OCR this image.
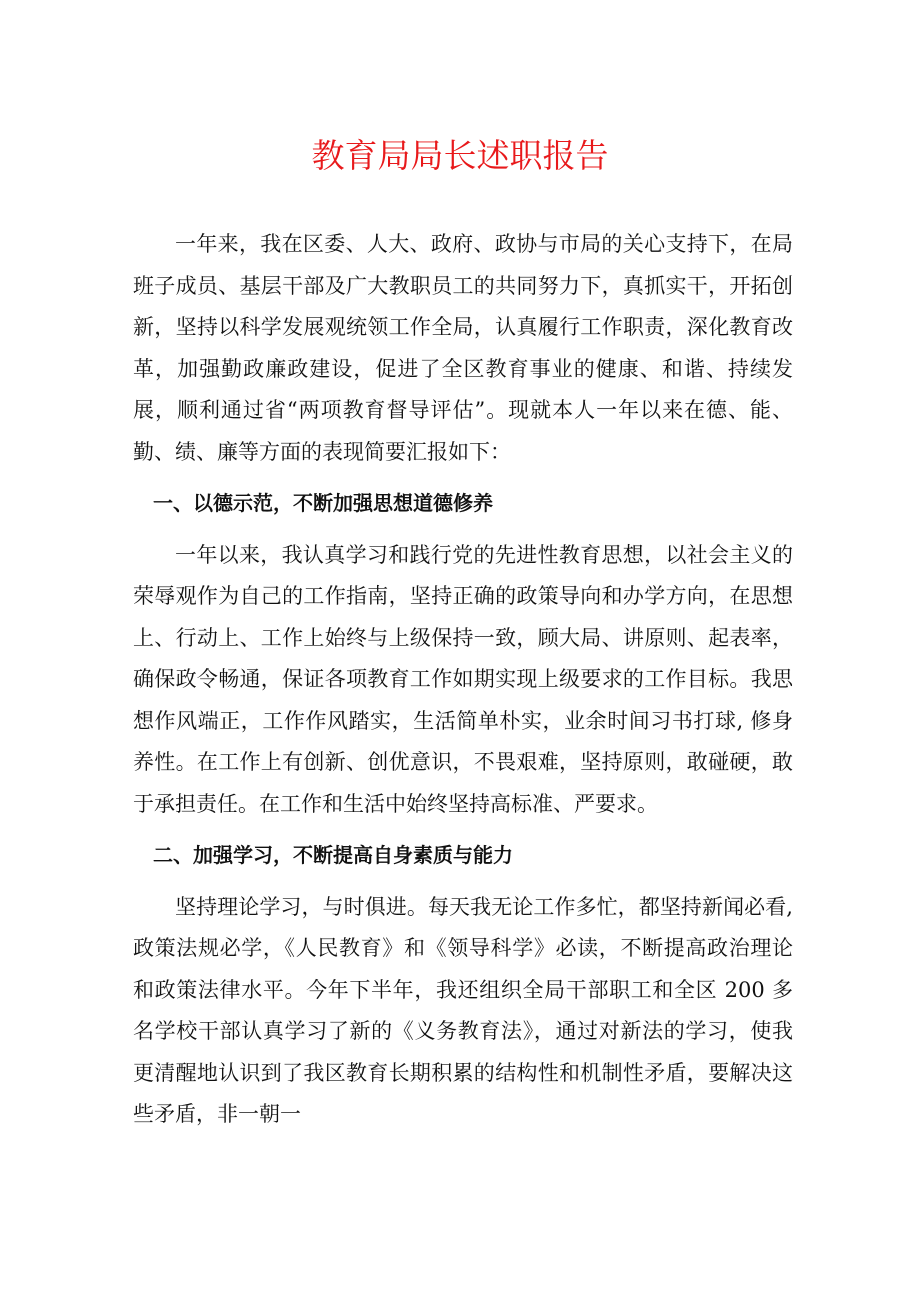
教育局局长述职报告

一年来，我在区委、人大、政府、政协与市局的关心支持下，在局班子成员、基层干部及广大教职员工的共同努力下，真抓实干，开拓创新，坚持以科学发展观统领工作全局，认真履行工作职责，深化教育改革，加强勤政廉政建设，促进了全区教育事业的健康、和谐、持续发展，顺利通过省“两项教育督导评估”。现就本人一年以来在德、能、勤、绩、廉等方面的表现简要汇报如下：

一、以德示范，不断加强思想道德修养

一年以来，我认真学习和践行党的先进性教育思想，以社会主义的荣辱观作为自己的工作指南，坚持正确的政策导向和办学方向，在思想上、行动上、工作上始终与上级保持一致，顾大局、讲原则、起表率，确保政令畅通，保证各项教育工作如期实现上级要求的工作目标。我思想作风端正，工作作风踏实，生活简单朴实，业余时间习书打球, 修身养性。在工作上有创新、创优意识，不畏艰难，坚持原则，敢碰硬，敢于承担责任。在工作和生活中始终坚持高标准、严要求。

二、加强学习，不断提高自身素质与能力

坚持理论学习，与时俱进。每天我无论工作多忙，都坚持新闻必看, 政策法规必学，《人民教育》和《领导科学》必读，不断提高政治理论和政策法律水平。今年下半年，我还组织全局干部职工和全区 200 多名学校干部认真学习了新的《义务教育法》，通过对新法的学习，使我更清醒地认识到了我区教育长期积累的结构性和机制性矛盾，要解决这些矛盾，非一朝一
